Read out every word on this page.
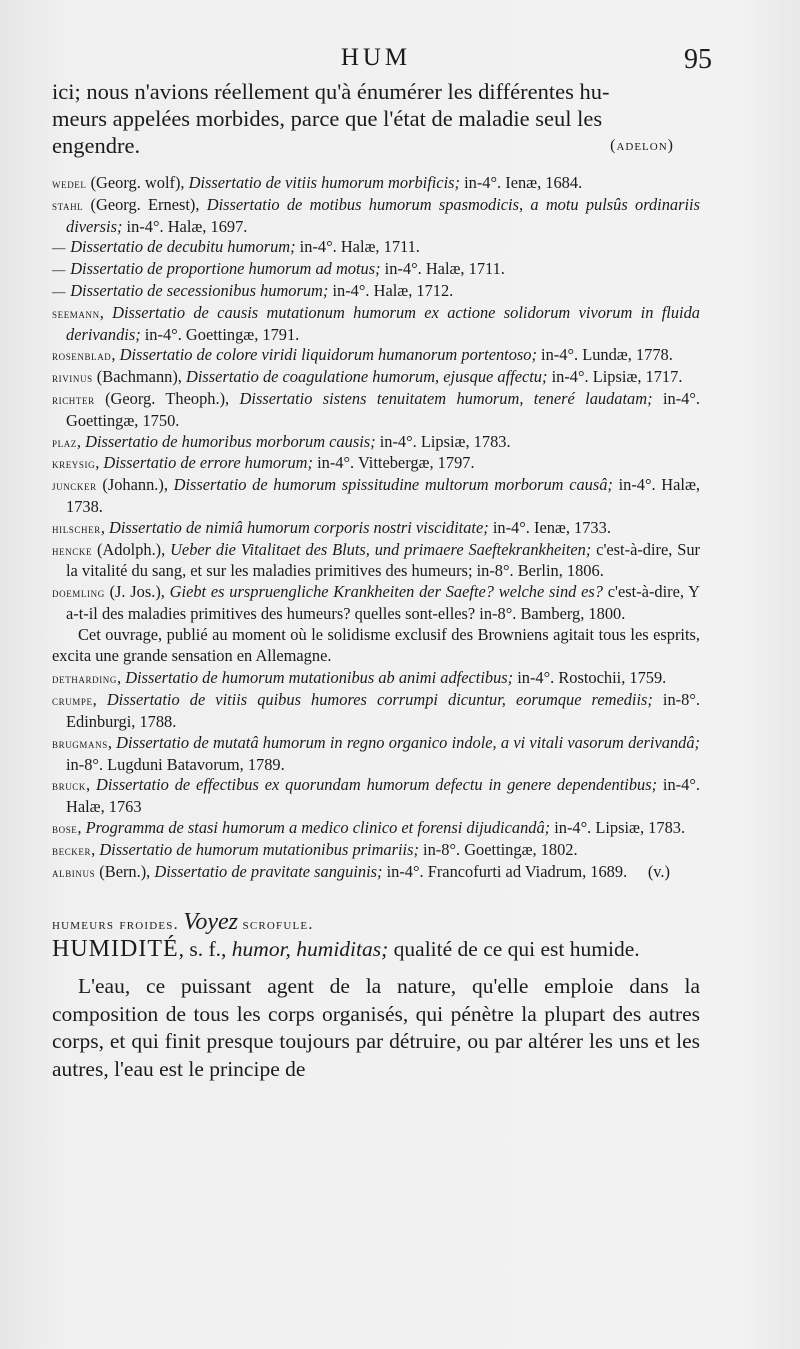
HUM	95
ici; nous n'avions réellement qu'à énumérer les différentes hu-
meurs appelées morbides, parce que l'état de maladie seul les
engendre.	(adelon)
wedel (Georg. wolf), Dissertatio de vitiis humorum morbificis; in-4°. Ienæ, 1684.
stahl (Georg. Ernest), Dissertatio de motibus humorum spasmodicis, a motu pulsûs ordinariis diversis; in-4°. Halæ, 1697.
— Dissertatio de decubitu humorum; in-4°. Halæ, 1711.
— Dissertatio de proportione humorum ad motus; in-4°. Halæ, 1711.
— Dissertatio de secessionibus humorum; in-4°. Halæ, 1712.
seemann, Dissertatio de causis mutationum humorum ex actione solidorum vivorum in fluida derivandis; in-4°. Goettingæ, 1791.
rosenblad, Dissertatio de colore viridi liquidorum humanorum portentoso; in-4°. Lundæ, 1778.
rivinus (Bachmann), Dissertatio de coagulatione humorum, ejusque affectu; in-4°. Lipsiæ, 1717.
richter (Georg. Theoph.), Dissertatio sistens tenuitatem humorum, teneré laudatam; in-4°. Goettingæ, 1750.
plaz, Dissertatio de humoribus morborum causis; in-4°. Lipsiæ, 1783.
kreysig, Dissertatio de errore humorum; in-4°. Vittebergæ, 1797.
juncker (Johann.), Dissertatio de humorum spissitudine multorum morborum causâ; in-4°. Halæ, 1738.
hilscher, Dissertatio de nimiâ humorum corporis nostri visciditate; in-4°. Ienæ, 1733.
hencke (Adolph.), Ueber die Vitalitaet des Bluts, und primaere Saeftekrankheiten; c'est-à-dire, Sur la vitalité du sang, et sur les maladies primitives des humeurs; in-8°. Berlin, 1806.
doemling (J. Jos.), Giebt es urspruengliche Krankheiten der Saefte? welche sind es? c'est-à-dire, Y a-t-il des maladies primitives des humeurs? quelles sont-elles? in-8°. Bamberg, 1800.

Cet ouvrage, publié au moment où le solidisme exclusif des Browniens agitait tous les esprits, excita une grande sensation en Allemagne.

detharding, Dissertatio de humorum mutationibus ab animi adfectibus; in-4°. Rostochii, 1759.
crumpe, Dissertatio de vitiis quibus humores corrumpi dicuntur, eorumque remediis; in-8°. Edinburgi, 1788.
brugmans, Dissertatio de mutatâ humorum in regno organico indole, a vi vitali vasorum derivandâ; in-8°. Lugduni Batavorum, 1789.
bruck, Dissertatio de effectibus ex quorundam humorum defectu in genere dependentibus; in-4°. Halæ, 1763
bose, Programma de stasi humorum a medico clinico et forensi dijudicandâ; in-4°. Lipsiæ, 1783.
becker, Dissertatio de humorum mutationibus primariis; in-8°. Goettingæ, 1802.
albinus (Bern.), Dissertatio de pravitate sanguinis; in-4°. Francofurti ad Viadrum, 1689. (v.)
humeurs froides. Voyez scrofule.

HUMIDITÉ, s. f., humor, humiditas; qualité de ce qui est humide.

L'eau, ce puissant agent de la nature, qu'elle emploie dans la composition de tous les corps organisés, qui pénètre la plupart des autres corps, et qui finit presque toujours par détruire, ou par altérer les uns et les autres, l'eau est le principe de
